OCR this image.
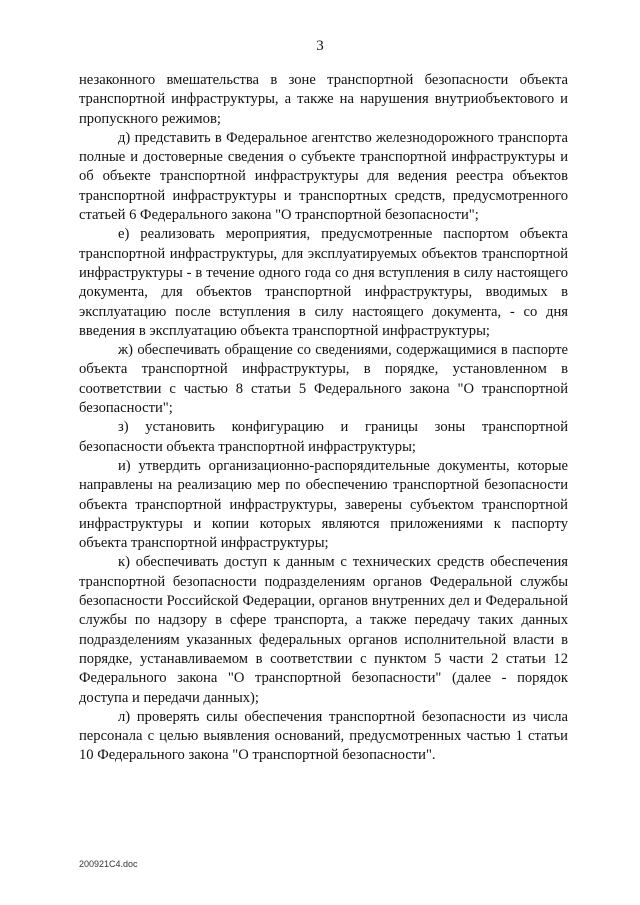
3

незаконного вмешательства в зоне транспортной безопасности объекта транспортной инфраструктуры, а также на нарушения внутриобъектового и пропускного режимов;

д) представить в Федеральное агентство железнодорожного транспорта полные и достоверные сведения о субъекте транспортной инфраструктуры и об объекте транспортной инфраструктуры для ведения реестра объектов транспортной инфраструктуры и транспортных средств, предусмотренного статьей 6 Федерального закона "О транспортной безопасности";

е) реализовать мероприятия, предусмотренные паспортом объекта транспортной инфраструктуры, для эксплуатируемых объектов транспортной инфраструктуры - в течение одного года со дня вступления в силу настоящего документа, для объектов транспортной инфраструктуры, вводимых в эксплуатацию после вступления в силу настоящего документа, - со дня введения в эксплуатацию объекта транспортной инфраструктуры;

ж) обеспечивать обращение со сведениями, содержащимися в паспорте объекта транспортной инфраструктуры, в порядке, установленном в соответствии с частью 8 статьи 5 Федерального закона "О транспортной безопасности";

з) установить конфигурацию и границы зоны транспортной безопасности объекта транспортной инфраструктуры;

и) утвердить организационно-распорядительные документы, которые направлены на реализацию мер по обеспечению транспортной безопасности объекта транспортной инфраструктуры, заверены субъектом транспортной инфраструктуры и копии которых являются приложениями к паспорту объекта транспортной инфраструктуры;

к) обеспечивать доступ к данным с технических средств обеспечения транспортной безопасности подразделениям органов Федеральной службы безопасности Российской Федерации, органов внутренних дел и Федеральной службы по надзору в сфере транспорта, а также передачу таких данных подразделениям указанных федеральных органов исполнительной власти в порядке, устанавливаемом в соответствии с пунктом 5 части 2 статьи 12 Федерального закона "О транспортной безопасности" (далее - порядок доступа и передачи данных);

л) проверять силы обеспечения транспортной безопасности из числа персонала с целью выявления оснований, предусмотренных частью 1 статьи 10 Федерального закона "О транспортной безопасности".

200921C4.doc
